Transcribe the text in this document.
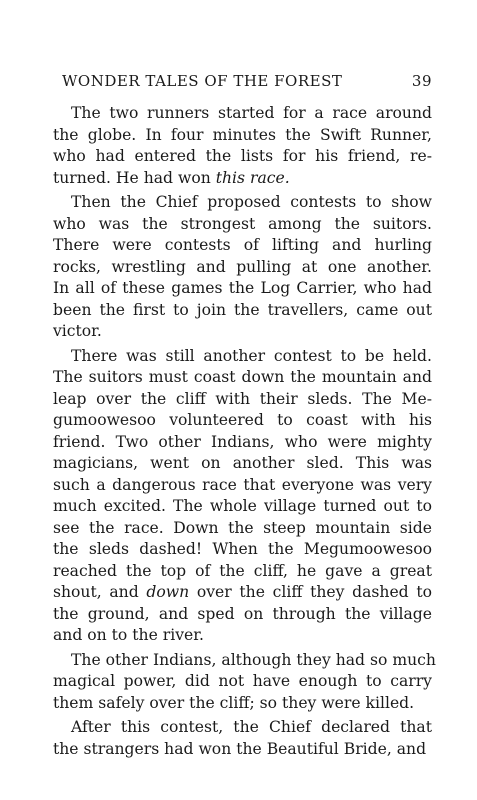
WONDER TALES OF THE FOREST	39
The two runners started for a race around
the globe. In four minutes the Swift Runner,
who had entered the lists for his friend, re-
turned. He had won this race.
Then the Chief proposed contests to show
who was the strongest among the suitors.
There were contests of lifting and hurling
rocks, wrestling and pulling at one another.
In all of these games the Log Carrier, who had
been the first to join the travellers, came out
victor.
There was still another contest to be held.
The suitors must coast down the mountain and
leap over the cliff with their sleds. The Me-
gumoowesoo volunteered to coast with his
friend. Two other Indians, who were mighty
magicians, went on another sled. This was
such a dangerous race that everyone was very
much excited. The whole village turned out to
see the race. Down the steep mountain side
the sleds dashed! When the Megumoowesoo
reached the top of the cliff, he gave a great
shout, and down over the cliff they dashed to
the ground, and sped on through the village
and on to the river.
The other Indians, although they had so much
magical power, did not have enough to carry
them safely over the cliff; so they were killed.
After this contest, the Chief declared that
the strangers had won the Beautiful Bride, and
